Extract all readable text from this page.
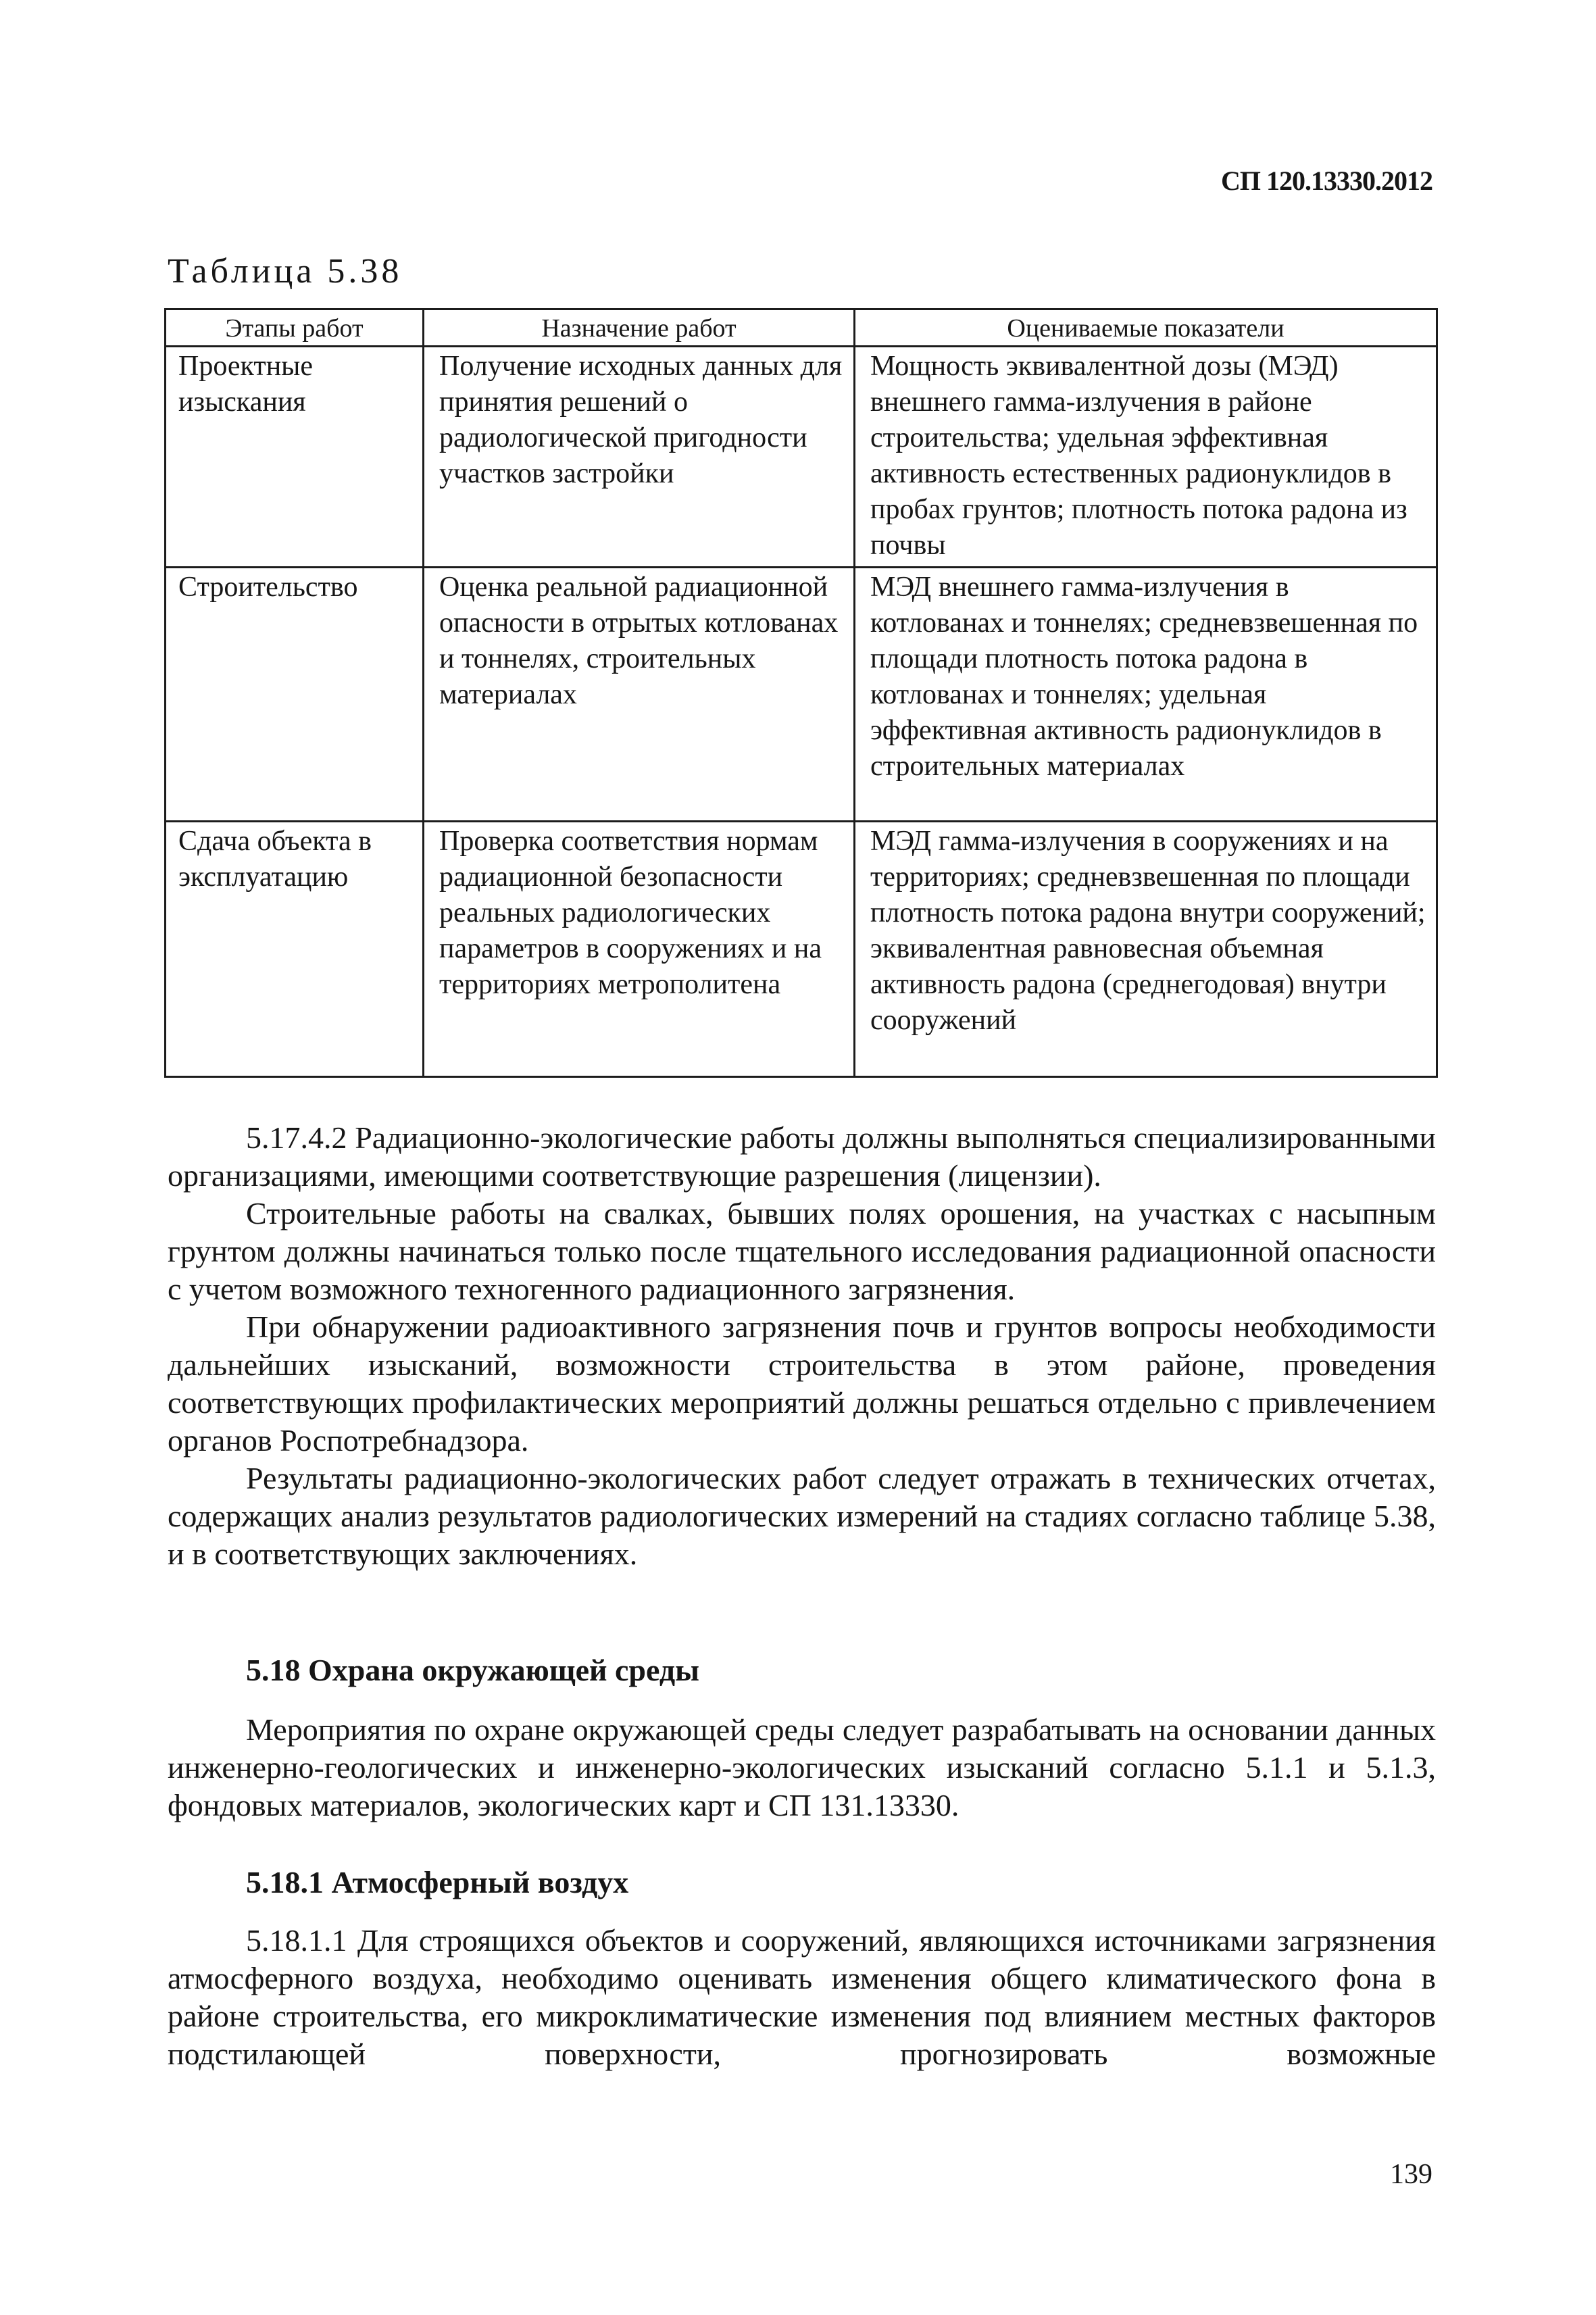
СП 120.13330.2012
Таблица 5.38
Этапы работ	Назначение работ	Оцениваемые показатели
Проектные изыскания	Получение исходных данных для принятия решений о радиологической пригодности участков застройки	Мощность эквивалентной дозы (МЭД) внешнего гамма-излучения в районе строительства; удельная эффективная активность естественных радионуклидов в пробах грунтов; плотность потока радона из почвы
Строительство	Оценка реальной радиационной опасности в отрытых котлованах и тоннелях, строительных материалах	МЭД внешнего гамма-излучения в котлованах и тоннелях; средневзвешенная по площади плотность потока радона в котлованах и тоннелях; удельная эффективная активность радионуклидов в строительных материалах
Сдача объекта в эксплуатацию	Проверка соответствия нормам радиационной безопасности реальных радиологических параметров в сооружениях и на территориях метрополитена	МЭД гамма-излучения в сооружениях и на территориях; средневзвешенная по площади плотность потока радона внутри сооружений; эквивалентная равновесная объемная активность радона (среднегодовая) внутри сооружений

5.17.4.2 Радиационно-экологические работы должны выполняться специализированными организациями, имеющими соответствующие разрешения (лицензии).

Строительные работы на свалках, бывших полях орошения, на участках с насыпным грунтом должны начинаться только после тщательного исследования радиационной опасности с учетом возможного техногенного радиационного загрязнения.

При обнаружении радиоактивного загрязнения почв и грунтов вопросы необходимости дальнейших изысканий, возможности строительства в этом районе, проведения соответствующих профилактических мероприятий должны решаться отдельно с привлечением органов Роспотребнадзора.

Результаты радиационно-экологических работ следует отражать в технических отчетах, содержащих анализ результатов радиологических измерений на стадиях согласно таблице 5.38, и в соответствующих заключениях.

5.18 Охрана окружающей среды

Мероприятия по охране окружающей среды следует разрабатывать на основании данных инженерно-геологических и инженерно-экологических изысканий согласно 5.1.1 и 5.1.3, фондовых материалов, экологических карт и СП 131.13330.

5.18.1 Атмосферный воздух

5.18.1.1 Для строящихся объектов и сооружений, являющихся источниками загрязнения атмосферного воздуха, необходимо оценивать изменения общего климатического фона в районе строительства, его микроклиматические изменения под влиянием местных факторов подстилающей поверхности, прогнозировать возможные

139
